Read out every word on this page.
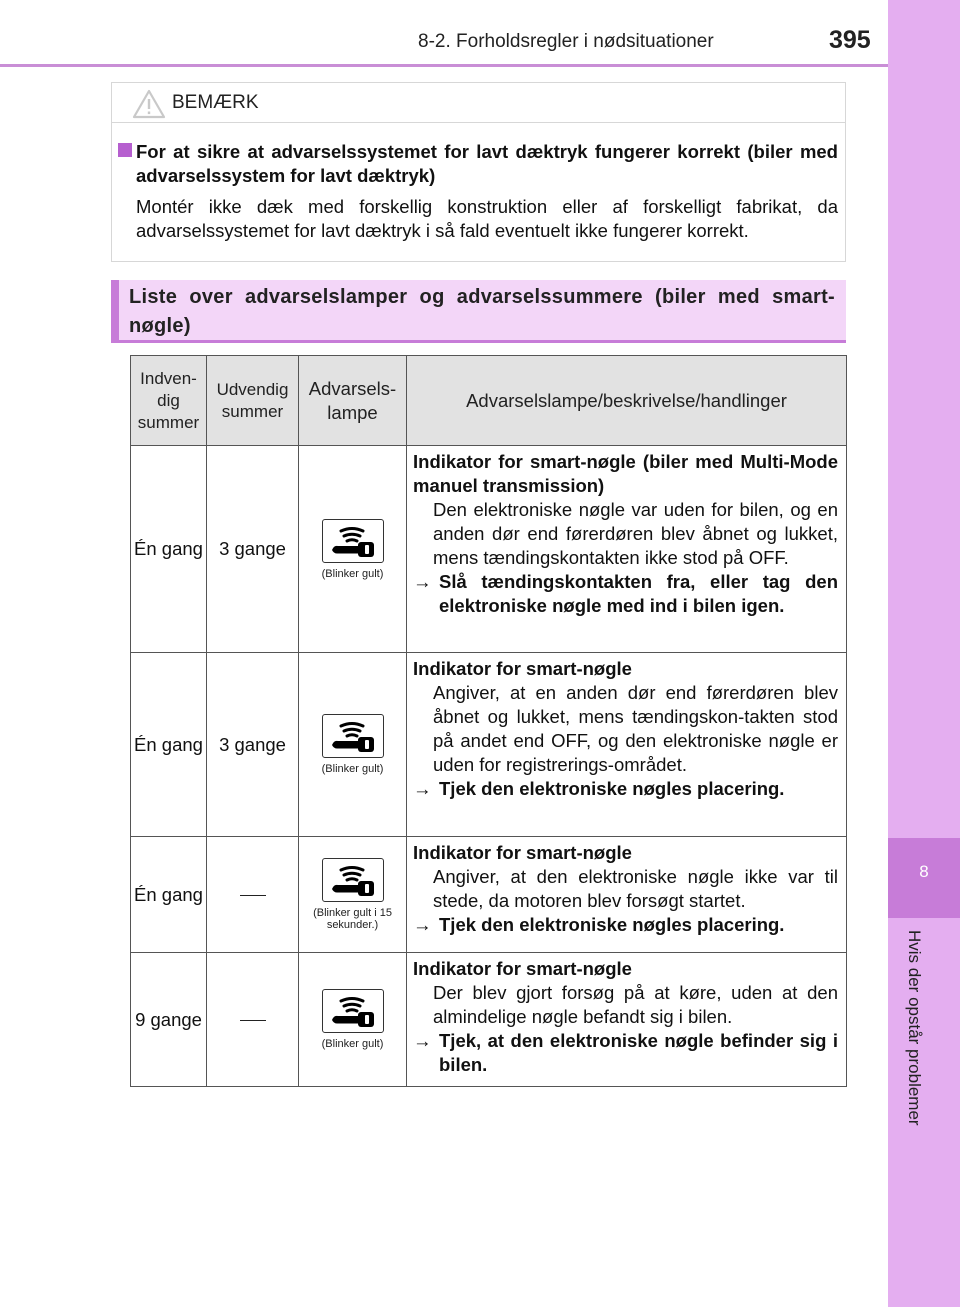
8-2. Forholdsregler i nødsituationer	395
8
Hvis der opstår problemer
BEMÆRK
For at sikre at advarselssystemet for lavt dæktryk fungerer korrekt (biler med advarselssystem for lavt dæktryk)
Montér ikke dæk med forskellig konstruktion eller af forskelligt fabrikat, da advarselssystemet for lavt dæktryk i så fald eventuelt ikke fungerer korrekt.
Liste over advarselslamper og advarselssummere (biler med smart-nøgle)
Indven-dig summer	Udvendig summer	Advarsels-lampe	Advarselslampe/beskrivelse/handlinger
Én gang	3 gange	(Blinker gult)	Indikator for smart-nøgle (biler med Multi-Mode manuel transmission)
Den elektroniske nøgle var uden for bilen, og en anden dør end førerdøren blev åbnet og lukket, mens tændingskontakten ikke stod på OFF.
→ Slå tændingskontakten fra, eller tag den elektroniske nøgle med ind i bilen igen.

Én gang	3 gange	(Blinker gult)	Indikator for smart-nøgle
Angiver, at en anden dør end førerdøren blev åbnet og lukket, mens tændingskon-takten stod på andet end OFF, og den elektroniske nøgle er uden for registrerings-området.
→ Tjek den elektroniske nøgles placering.

Én gang		(Blinker gult i 15 sekunder.)	Indikator for smart-nøgle
Angiver, at den elektroniske nøgle ikke var til stede, da motoren blev forsøgt startet.
→ Tjek den elektroniske nøgles placering.

9 gange		(Blinker gult)	Indikator for smart-nøgle
Der blev gjort forsøg på at køre, uden at den almindelige nøgle befandt sig i bilen.
→ Tjek, at den elektroniske nøgle befinder sig i bilen.
